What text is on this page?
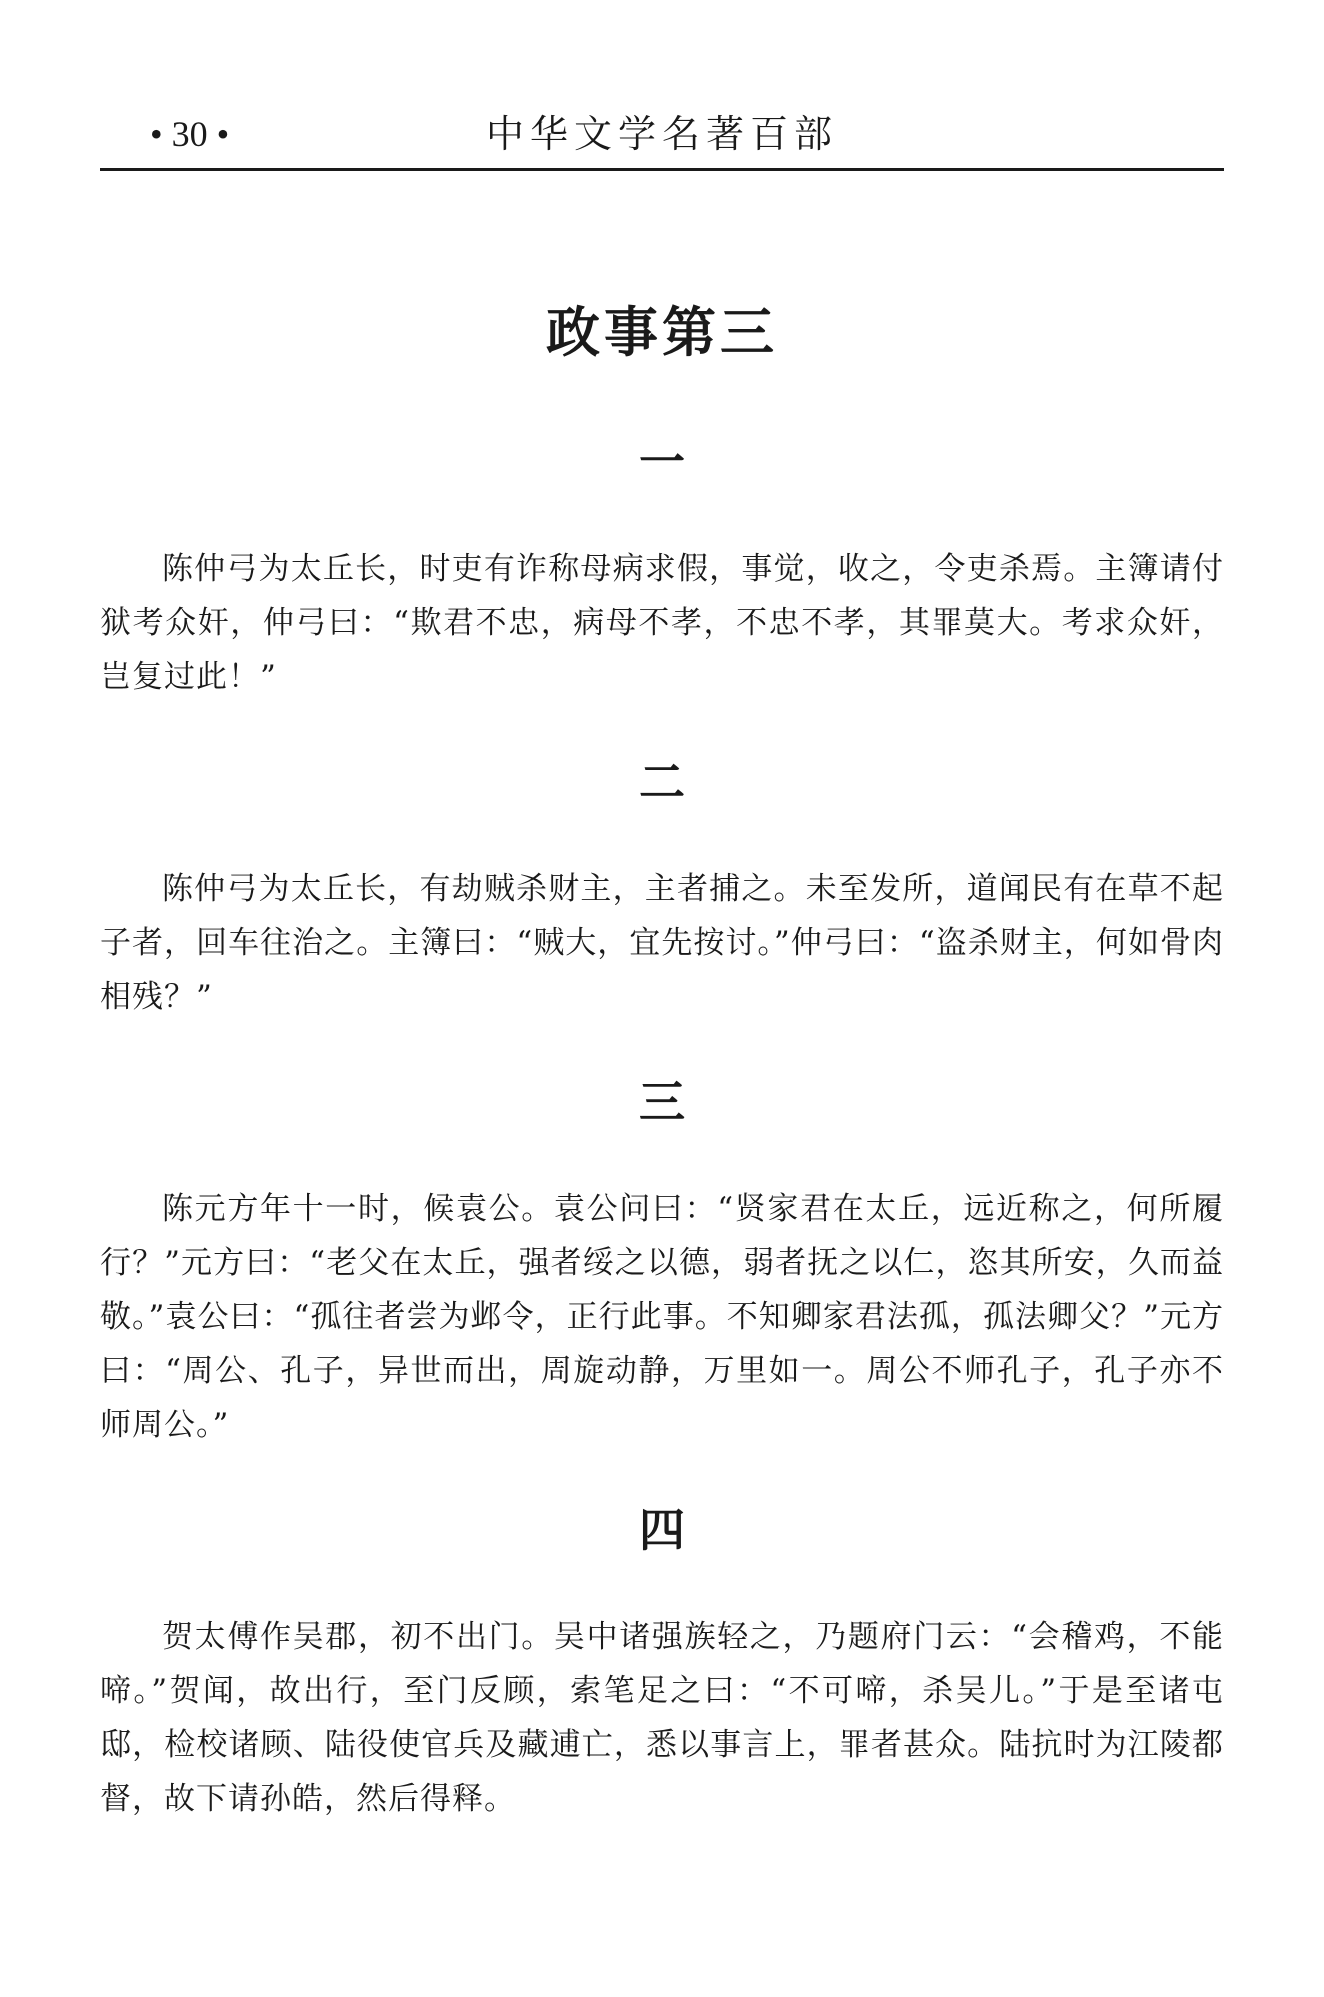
• 30 •	中华文学名著百部
政事第三
一

陈仲弓为太丘长，时吏有诈称母病求假，事觉，收之，令吏杀焉。主簿请付狱考众奸，仲弓曰：“欺君不忠，病母不孝，不忠不孝，其罪莫大。考求众奸，岂复过此！”

二

陈仲弓为太丘长，有劫贼杀财主，主者捕之。未至发所，道闻民有在草不起子者，回车往治之。主簿曰：“贼大，宜先按讨。”仲弓曰：“盗杀财主，何如骨肉相残？”

三

陈元方年十一时，候袁公。袁公问曰：“贤家君在太丘，远近称之，何所履行？”元方曰：“老父在太丘，强者绥之以德，弱者抚之以仁，恣其所安，久而益敬。”袁公曰：“孤往者尝为邺令，正行此事。不知卿家君法孤，孤法卿父？”元方曰：“周公、孔子，异世而出，周旋动静，万里如一。周公不师孔子，孔子亦不师周公。”

四

贺太傅作吴郡，初不出门。吴中诸强族轻之，乃题府门云：“会稽鸡，不能啼。”贺闻，故出行，至门反顾，索笔足之曰：“不可啼，杀吴儿。”于是至诸屯邸，检校诸顾、陆役使官兵及藏逋亡，悉以事言上，罪者甚众。陆抗时为江陵都督，故下请孙皓，然后得释。
